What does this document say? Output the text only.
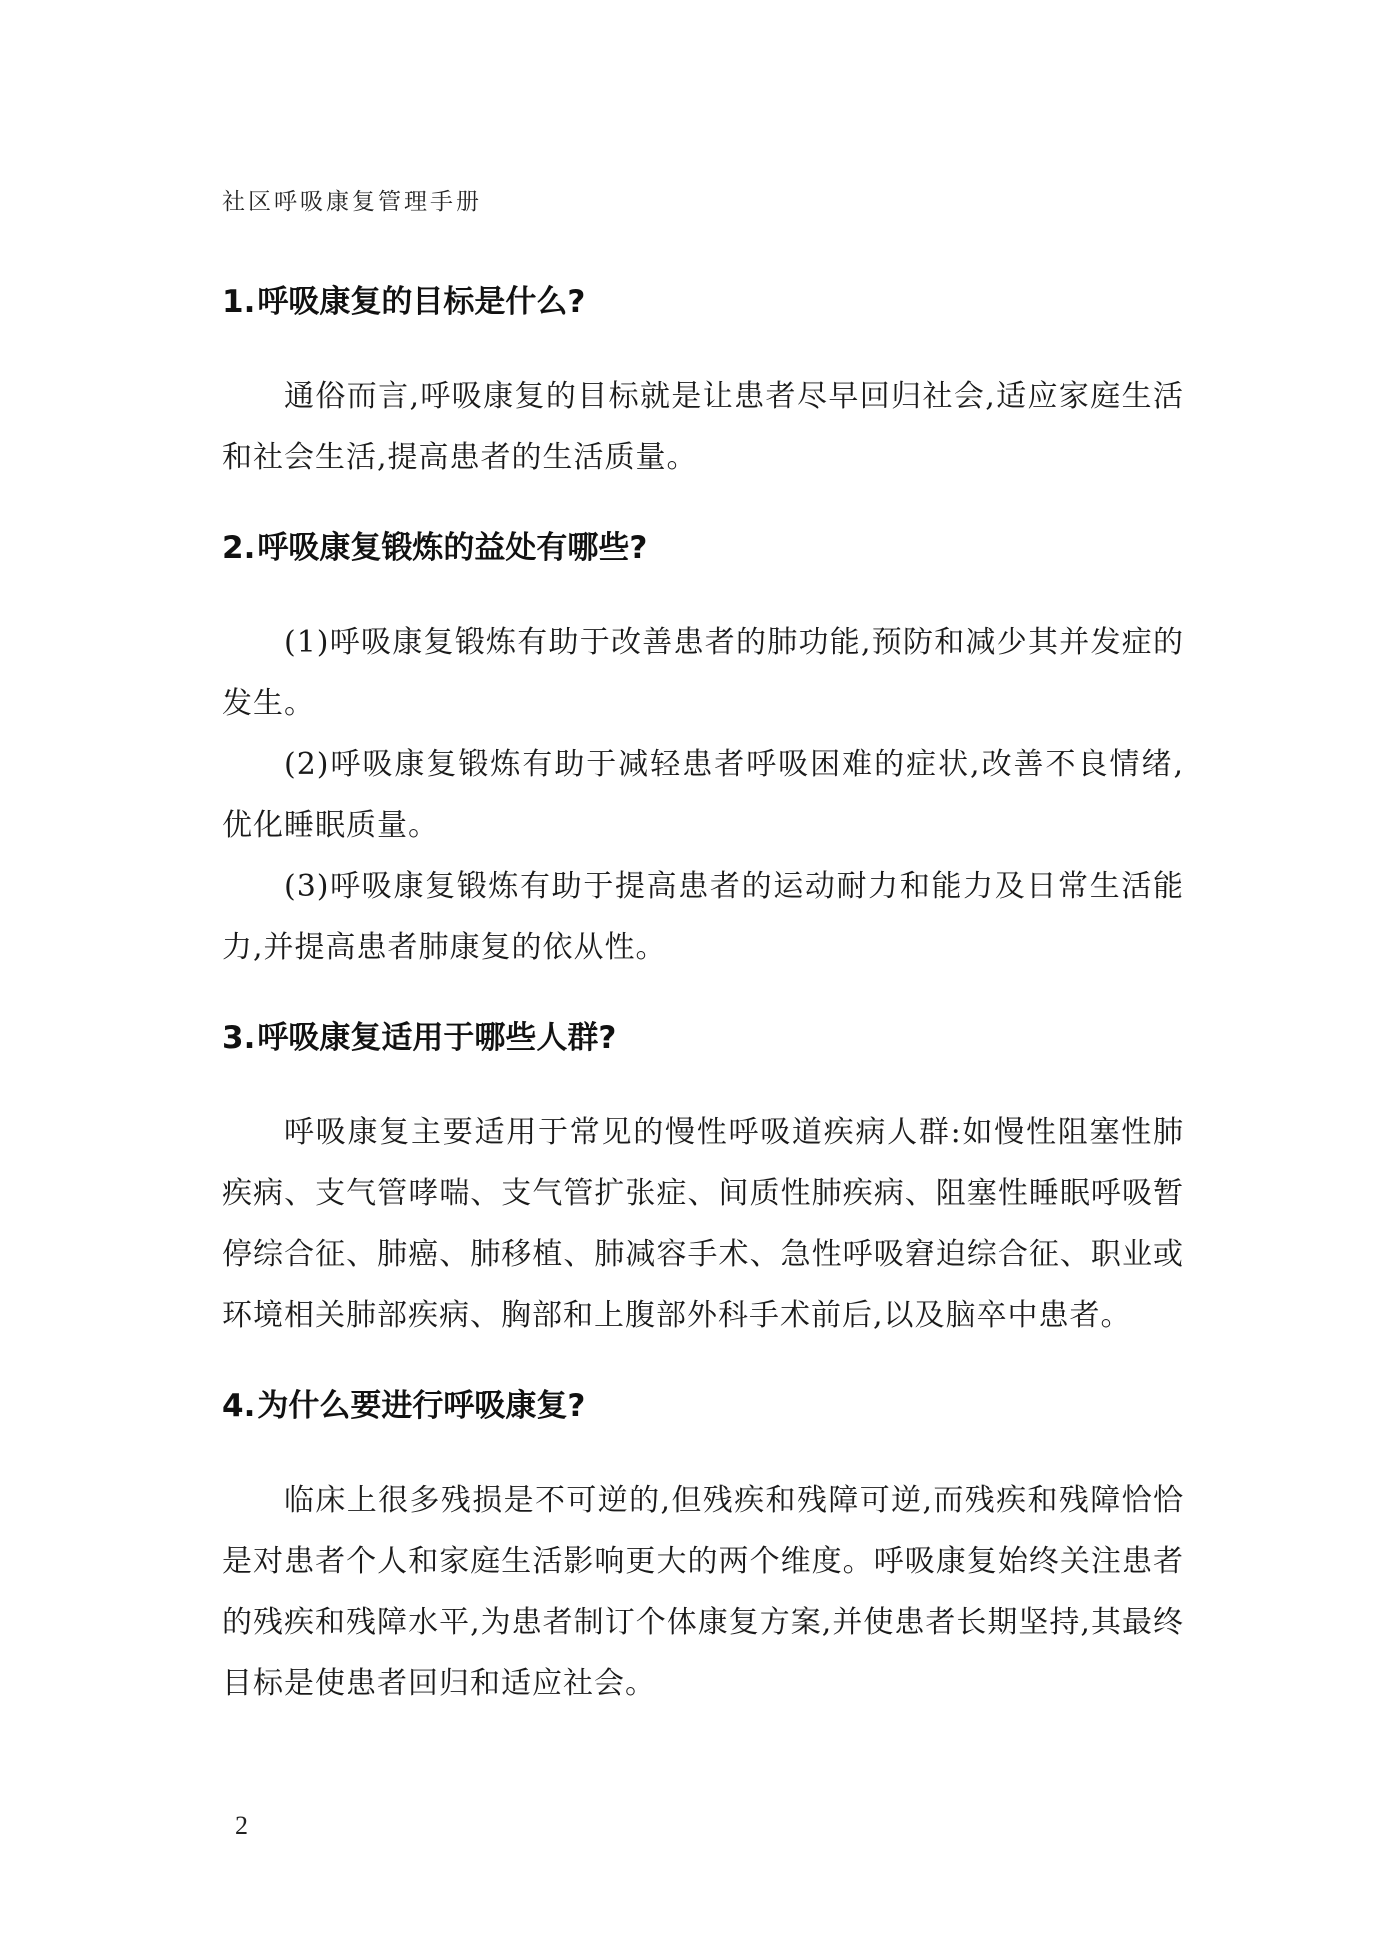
社区呼吸康复管理手册
1.呼吸康复的目标是什么?

通俗而言,呼吸康复的目标就是让患者尽早回归社会,适应家庭生活和社会生活,提高患者的生活质量。

2.呼吸康复锻炼的益处有哪些?

(1)呼吸康复锻炼有助于改善患者的肺功能,预防和减少其并发症的发生。

(2)呼吸康复锻炼有助于减轻患者呼吸困难的症状,改善不良情绪,优化睡眠质量。

(3)呼吸康复锻炼有助于提高患者的运动耐力和能力及日常生活能力,并提高患者肺康复的依从性。

3.呼吸康复适用于哪些人群?

呼吸康复主要适用于常见的慢性呼吸道疾病人群:如慢性阻塞性肺疾病、支气管哮喘、支气管扩张症、间质性肺疾病、阻塞性睡眠呼吸暂停综合征、肺癌、肺移植、肺减容手术、急性呼吸窘迫综合征、职业或环境相关肺部疾病、胸部和上腹部外科手术前后,以及脑卒中患者。

4.为什么要进行呼吸康复?

临床上很多残损是不可逆的,但残疾和残障可逆,而残疾和残障恰恰是对患者个人和家庭生活影响更大的两个维度。呼吸康复始终关注患者的残疾和残障水平,为患者制订个体康复方案,并使患者长期坚持,其最终目标是使患者回归和适应社会。

2
